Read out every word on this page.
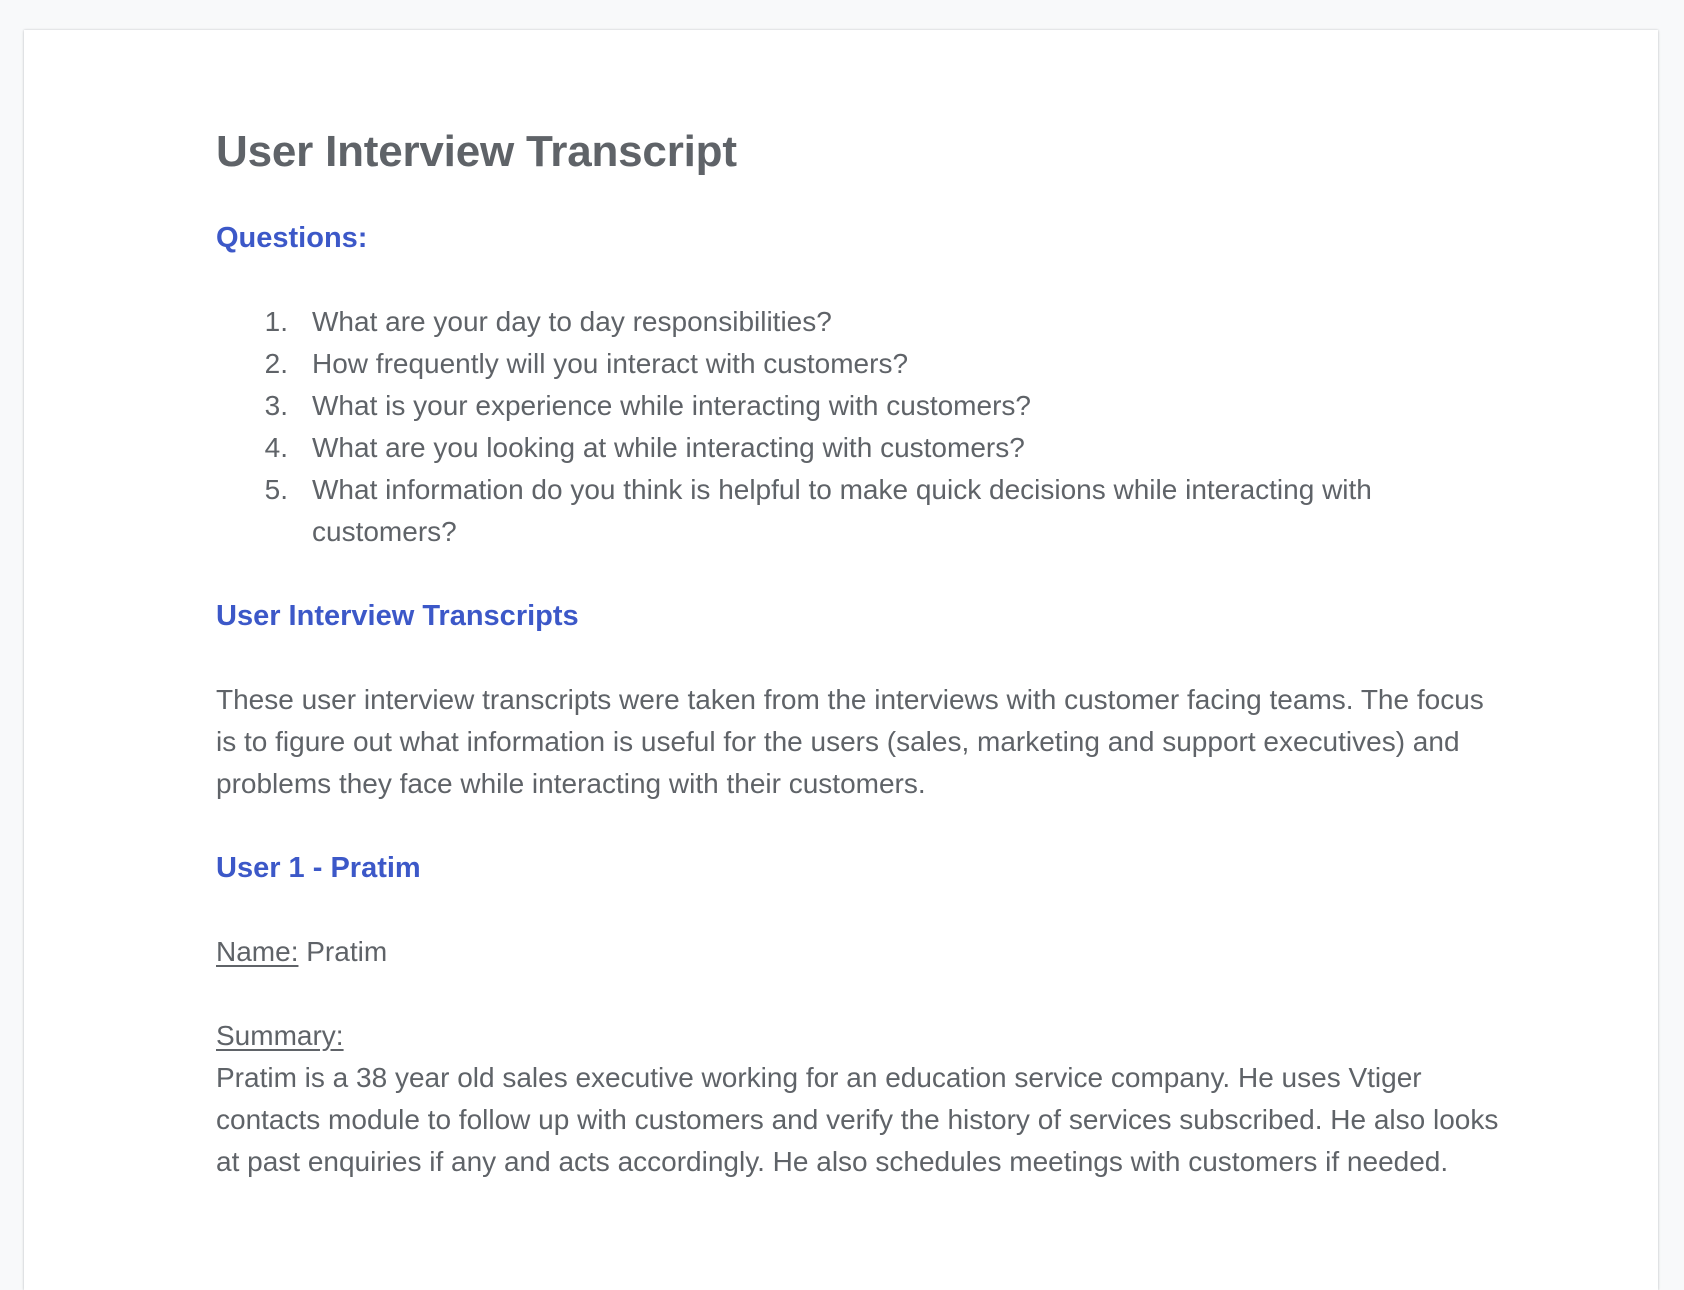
User Interview Transcript
Questions:
1. What are your day to day responsibilities?
2. How frequently will you interact with customers?
3. What is your experience while interacting with customers?
4. What are you looking at while interacting with customers?
5. What information do you think is helpful to make quick decisions while interacting with customers?
User Interview Transcripts

These user interview transcripts were taken from the interviews with customer facing teams. The focus is to figure out what information is useful for the users (sales, marketing and support executives) and problems they face while interacting with their customers.

User 1 - Pratim

Name: Pratim

Summary:

Pratim is a 38 year old sales executive working for an education service company. He uses Vtiger contacts module to follow up with customers and verify the history of services subscribed. He also looks at past enquiries if any and acts accordingly. He also schedules meetings with customers if needed.
